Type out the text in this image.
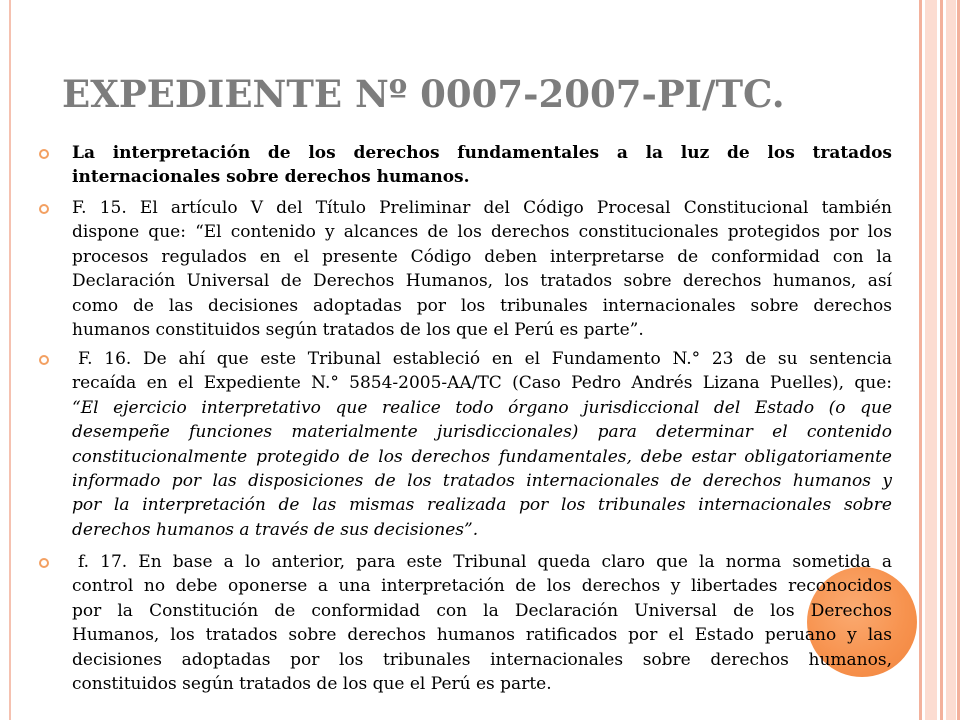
EXPEDIENTE Nº 0007-2007-PI/TC.
La interpretación de los derechos fundamentales a la luz de los tratados
internacionales sobre derechos humanos.
F. 15. El artículo V del Título Preliminar del Código Procesal Constitucional también
dispone que: “El contenido y alcances de los derechos constitucionales protegidos por los
procesos regulados en el presente Código deben interpretarse de conformidad con la
Declaración Universal de Derechos Humanos, los tratados sobre derechos humanos, así
como de las decisiones adoptadas por los tribunales internacionales sobre derechos
humanos constituidos según tratados de los que el Perú es parte”.
F. 16. De ahí que este Tribunal estableció en el Fundamento N.° 23 de su sentencia
recaída en el Expediente N.° 5854-2005-AA/TC (Caso Pedro Andrés Lizana Puelles), que:
“El ejercicio interpretativo que realice todo órgano jurisdiccional del Estado (o que
desempeñe funciones materialmente jurisdiccionales) para determinar el contenido
constitucionalmente protegido de los derechos fundamentales, debe estar obligatoriamente
informado por las disposiciones de los tratados internacionales de derechos humanos y
por la interpretación de las mismas realizada por los tribunales internacionales sobre
derechos humanos a través de sus decisiones”.
f. 17. En base a lo anterior, para este Tribunal queda claro que la norma sometida a
control no debe oponerse a una interpretación de los derechos y libertades reconocidos
por la Constitución de conformidad con la Declaración Universal de los Derechos
Humanos, los tratados sobre derechos humanos ratificados por el Estado peruano y las
decisiones adoptadas por los tribunales internacionales sobre derechos humanos,
constituidos según tratados de los que el Perú es parte.
